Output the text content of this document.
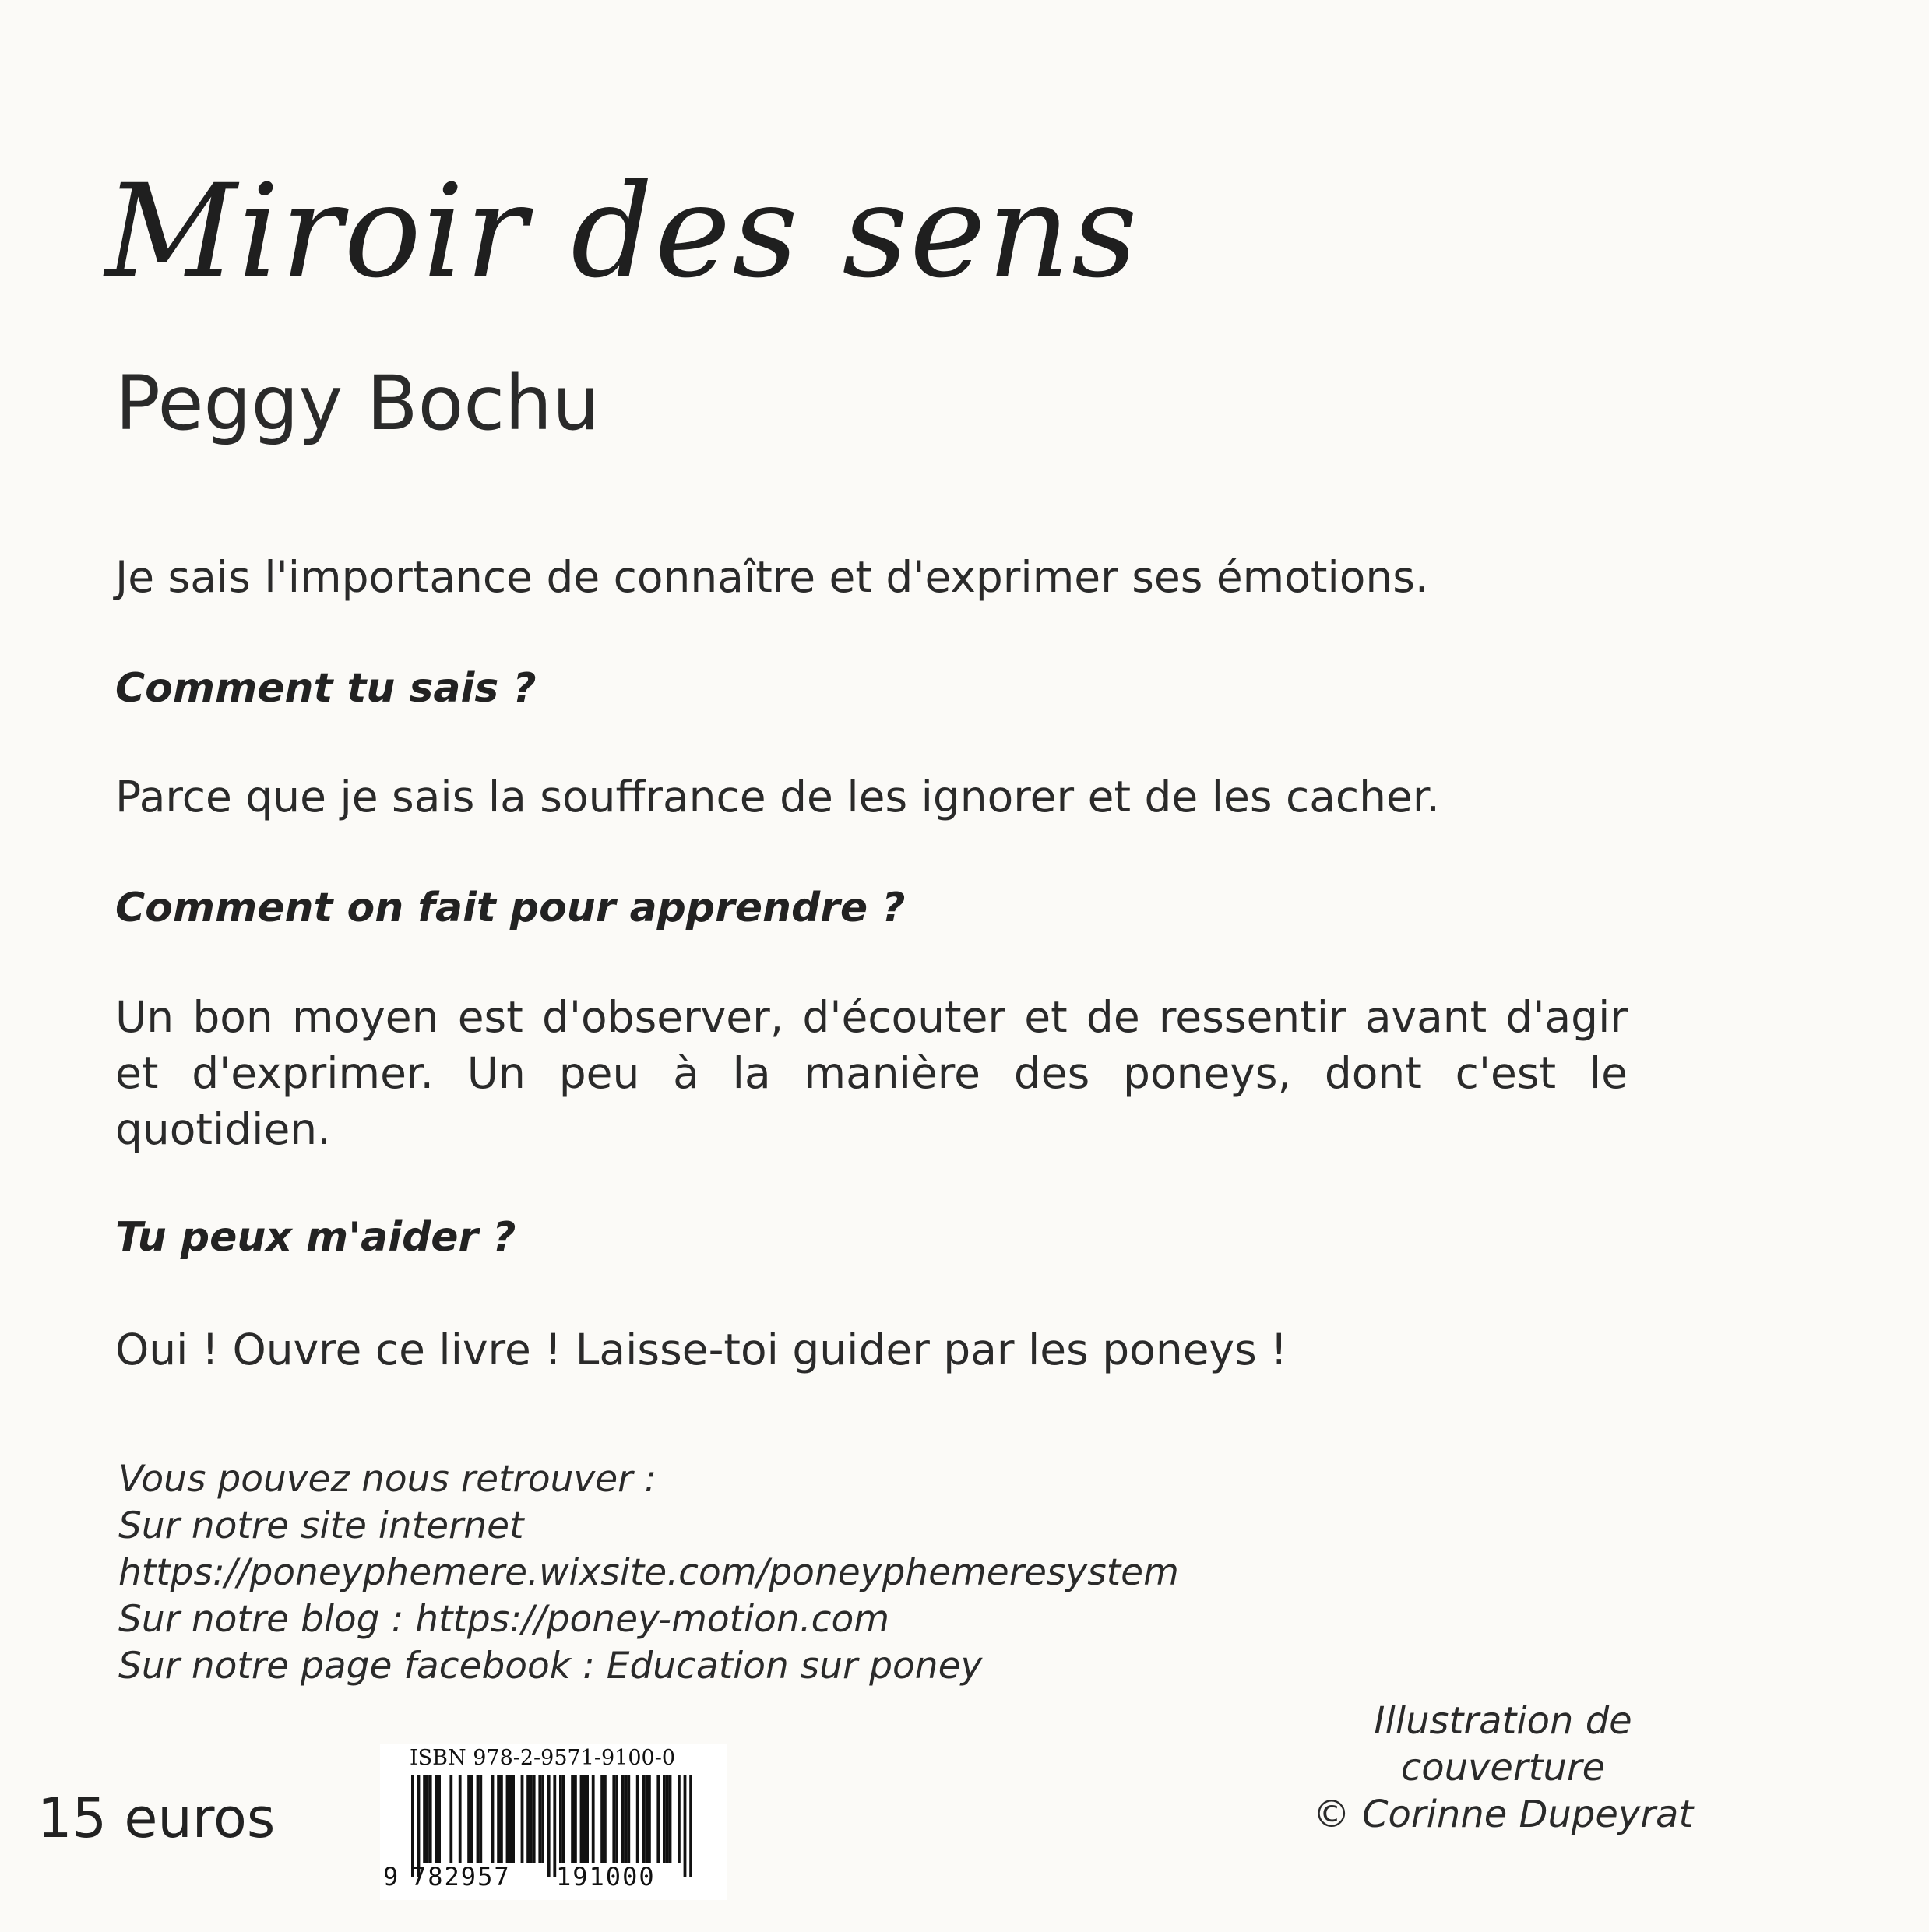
Miroir des sens
Peggy Bochu
Je sais l'importance de connaître et d'exprimer ses émotions.
Comment tu sais ?
Parce que je sais la souffrance de les ignorer et de les cacher.
Comment on fait pour apprendre ?
Un bon moyen est d'observer, d'écouter et de ressentir avant d'agir et d'exprimer. Un peu à la manière des poneys, dont c'est le quotidien.
Tu peux m'aider ?
Oui ! Ouvre ce livre ! Laisse-toi guider par les poneys !
Vous pouvez nous retrouver :
Sur notre site internet
https://poneyphemere.wixsite.com/poneyphemeresystem
Sur notre blog : https://poney-motion.com
Sur notre page facebook : Education sur poney
15 euros
ISBN 978-2-9571-9100-0
9 782957 191000
Illustration de
couverture
© Corinne Dupeyrat
